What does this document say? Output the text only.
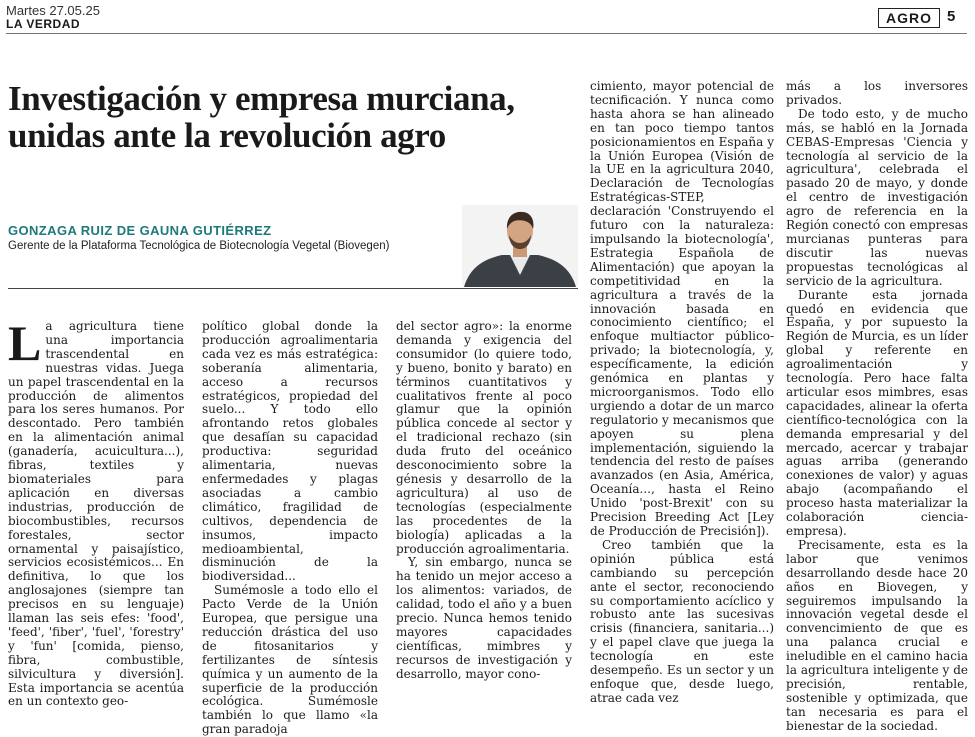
Martes 27.05.25
LA VERDAD	AGRO	5
Investigación y empresa murciana,
unidas ante la revolución agro
GONZAGA RUIZ DE GAUNA GUTIÉRREZ
Gerente de la Plataforma Tecnológica de Biotecnología Vegetal (Biovegen)

La agricultura tiene una importancia trascendental en nuestras vidas. Juega un papel trascendental en la producción de alimentos para los seres humanos. Por descontado. Pero también en la alimentación animal (ganadería, acuicultura...), fibras, textiles y biomateriales para aplicación en diversas industrias, producción de biocombustibles, recursos forestales, sector ornamental y paisajístico, servicios ecosistémicos... En definitiva, lo que los anglosajones (siempre tan precisos en su lenguaje) llaman las seis efes: 'food', 'feed', 'fiber', 'fuel', 'forestry' y 'fun' [comida, pienso, fibra, combustible, silvicultura y diversión]. Esta importancia se acentúa en un contexto geo-

político global donde la producción agroalimentaria cada vez es más estratégica: soberanía alimentaria, acceso a recursos estratégicos, propiedad del suelo... Y todo ello afrontando retos globales que desafían su capacidad productiva: seguridad alimentaria, nuevas enfermedades y plagas asociadas a cambio climático, fragilidad de cultivos, dependencia de insumos, impacto medioambiental, disminución de la biodiversidad...

Sumémosle a todo ello el Pacto Verde de la Unión Europea, que persigue una reducción drástica del uso de fitosanitarios y fertilizantes de síntesis química y un aumento de la superficie de la producción ecológica. Sumémosle también lo que llamo «la gran paradoja

del sector agro»: la enorme demanda y exigencia del consumidor (lo quiere todo, y bueno, bonito y barato) en términos cuantitativos y cualitativos frente al poco glamur que la opinión pública concede al sector y el tradicional rechazo (sin duda fruto del oceánico desconocimiento sobre la génesis y desarrollo de la agricultura) al uso de tecnologías (especialmente las procedentes de la biología) aplicadas a la producción agroalimentaria.

Y, sin embargo, nunca se ha tenido un mejor acceso a los alimentos: variados, de calidad, todo el año y a buen precio. Nunca hemos tenido mayores capacidades científicas, mimbres y recursos de investigación y desarrollo, mayor cono-

cimiento, mayor potencial de tecnificación. Y nunca como hasta ahora se han alineado en tan poco tiempo tantos posicionamientos en España y la Unión Europea (Visión de la UE en la agricultura 2040, Declaración de Tecnologías Estratégicas-STEP, declaración 'Construyendo el futuro con la naturaleza: impulsando la biotecnología', Estrategia Española de Alimentación) que apoyan la competitividad en la agricultura a través de la innovación basada en conocimiento científico; el enfoque multiactor público-privado; la biotecnología, y, específicamente, la edición genómica en plantas y microorganismos. Todo ello urgiendo a dotar de un marco regulatorio y mecanismos que apoyen su plena implementación, siguiendo la tendencia del resto de países avanzados (en Asia, América, Oceanía..., hasta el Reino Unido 'post-Brexit' con su Precision Breeding Act [Ley de Producción de Precisión]).

Creo también que la opinión pública está cambiando su percepción ante el sector, reconociendo su comportamiento acíclico y robusto ante las sucesivas crisis (financiera, sanitaria...) y el papel clave que juega la tecnología en este desempeño. Es un sector y un enfoque que, desde luego, atrae cada vez

más a los inversores privados.

De todo esto, y de mucho más, se habló en la Jornada CEBAS-Empresas 'Ciencia y tecnología al servicio de la agricultura', celebrada el pasado 20 de mayo, y donde el centro de investigación agro de referencia en la Región conectó con empresas murcianas punteras para discutir las nuevas propuestas tecnológicas al servicio de la agricultura.

Durante esta jornada quedó en evidencia que España, y por supuesto la Región de Murcia, es un líder global y referente en agroalimentación y tecnología. Pero hace falta articular esos mimbres, esas capacidades, alinear la oferta científico-tecnológica con la demanda empresarial y del mercado, acercar y trabajar aguas arriba (generando conexiones de valor) y aguas abajo (acompañando el proceso hasta materializar la colaboración ciencia-empresa).

Precisamente, esta es la labor que venimos desarrollando desde hace 20 años en Biovegen, y seguiremos impulsando la innovación vegetal desde el convencimiento de que es una palanca crucial e ineludible en el camino hacia la agricultura inteligente y de precisión, rentable, sostenible y optimizada, que tan necesaria es para el bienestar de la sociedad.
